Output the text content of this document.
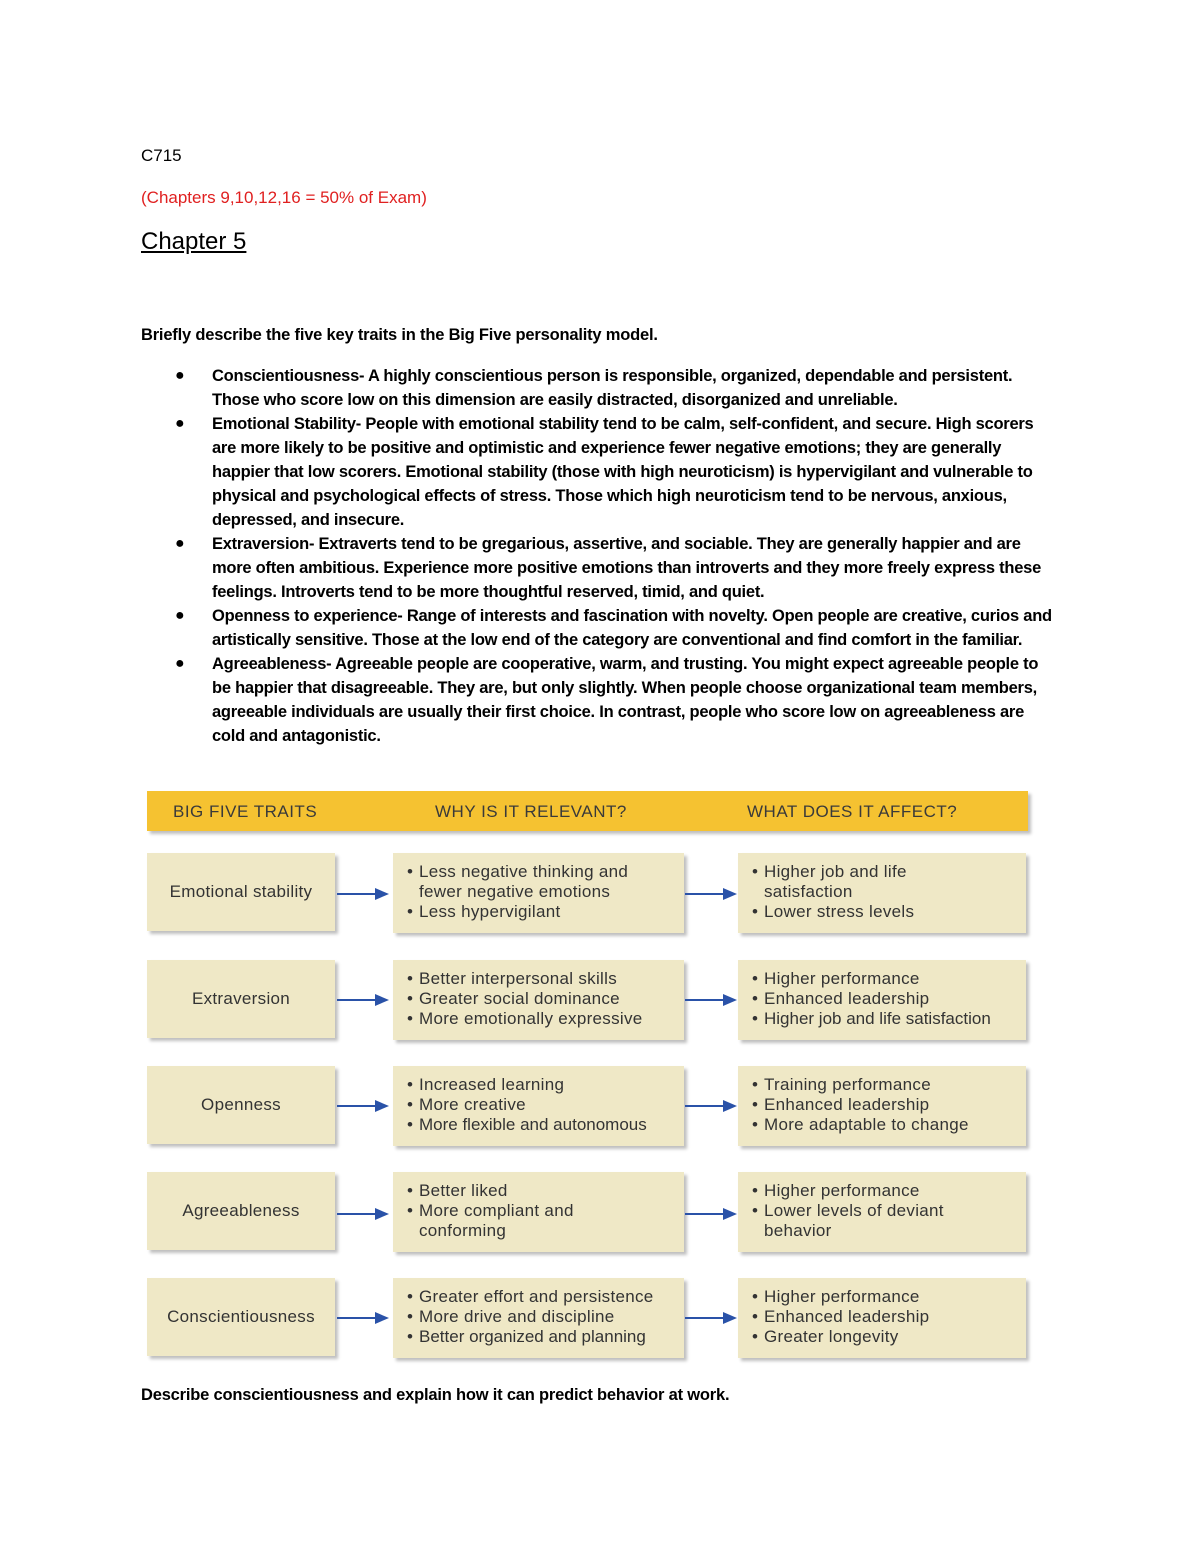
C715
(Chapters 9,10,12,16 = 50% of Exam)
Chapter 5
Briefly describe the five key traits in the Big Five personality model.
● Conscientiousness- A highly conscientious person is responsible, organized, dependable and persistent. Those who score low on this dimension are easily distracted, disorganized and unreliable.
● Emotional Stability- People with emotional stability tend to be calm, self-confident, and secure. High scorers are more likely to be positive and optimistic and experience fewer negative emotions; they are generally happier that low scorers. Emotional stability (those with high neuroticism) is hypervigilant and vulnerable to physical and psychological effects of stress. Those which high neuroticism tend to be nervous, anxious, depressed, and insecure.
● Extraversion- Extraverts tend to be gregarious, assertive, and sociable. They are generally happier and are more often ambitious. Experience more positive emotions than introverts and they more freely express these feelings. Introverts tend to be more thoughtful reserved, timid, and quiet.
● Openness to experience- Range of interests and fascination with novelty. Open people are creative, curios and artistically sensitive. Those at the low end of the category are conventional and find comfort in the familiar.
● Agreeableness- Agreeable people are cooperative, warm, and trusting. You might expect agreeable people to be happier that disagreeable. They are, but only slightly. When people choose organizational team members, agreeable individuals are usually their first choice. In contrast, people who score low on agreeableness are cold and antagonistic.
BIG FIVE TRAITS	WHY IS IT RELEVANT?	WHAT DOES IT AFFECT?
Emotional stability
• Less negative thinking and fewer negative emotions
• Less hypervigilant
• Higher job and life satisfaction
• Lower stress levels
Extraversion
• Better interpersonal skills
• Greater social dominance
• More emotionally expressive
• Higher performance
• Enhanced leadership
• Higher job and life satisfaction
Openness
• Increased learning
• More creative
• More flexible and autonomous
• Training performance
• Enhanced leadership
• More adaptable to change
Agreeableness
• Better liked
• More compliant and conforming
• Higher performance
• Lower levels of deviant behavior
Conscientiousness
• Greater effort and persistence
• More drive and discipline
• Better organized and planning
• Higher performance
• Enhanced leadership
• Greater longevity
Describe conscientiousness and explain how it can predict behavior at work.
